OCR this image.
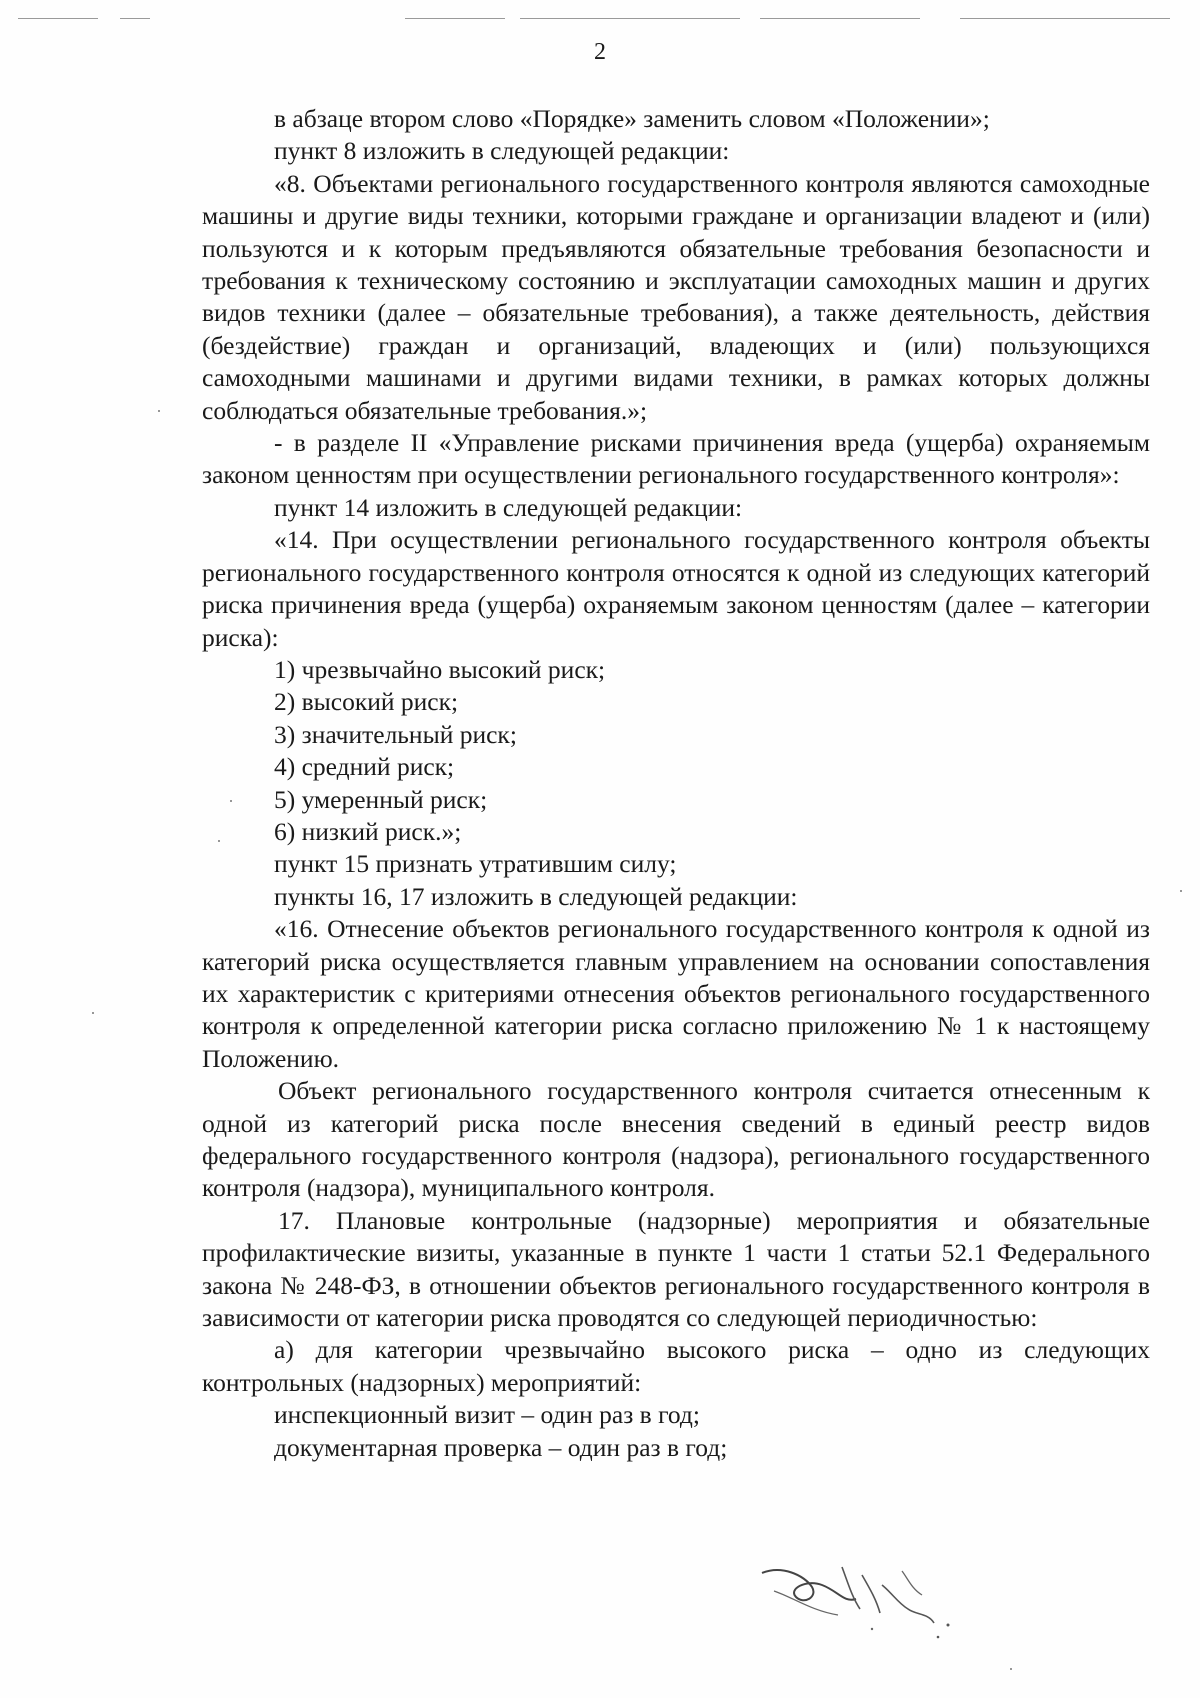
2

в абзаце втором слово «Порядке» заменить словом «Положении»;

пункт 8 изложить в следующей редакции:

«8. Объектами регионального государственного контроля являются самоходные машины и другие виды техники, которыми граждане и организации владеют и (или) пользуются и к которым предъявляются обязательные требования безопасности и требования к техническому состоянию и эксплуатации самоходных машин и других видов техники (далее – обязательные требования), а также деятельность, действия (бездействие) граждан и организаций, владеющих и (или) пользующихся самоходными машинами и другими видами техники, в рамках которых должны соблюдаться обязательные требования.»;

- в разделе II «Управление рисками причинения вреда (ущерба) охраняемым законом ценностям при осуществлении регионального государственного контроля»:

пункт 14 изложить в следующей редакции:

«14. При осуществлении регионального государственного контроля объекты регионального государственного контроля относятся к одной из следующих категорий риска причинения вреда (ущерба) охраняемым законом ценностям (далее – категории риска):

1) чрезвычайно высокий риск;

2) высокий риск;

3) значительный риск;

4) средний риск;

5) умеренный риск;

6) низкий риск.»;

пункт 15 признать утратившим силу;

пункты 16, 17 изложить в следующей редакции:

«16. Отнесение объектов регионального государственного контроля к одной из категорий риска осуществляется главным управлением на основании сопоставления их характеристик с критериями отнесения объектов регионального государственного контроля к определенной категории риска согласно приложению № 1 к настоящему Положению.

Объект регионального государственного контроля считается отнесенным к одной из категорий риска после внесения сведений в единый реестр видов федерального государственного контроля (надзора), регионального государственного контроля (надзора), муниципального контроля.

17. Плановые контрольные (надзорные) мероприятия и обязательные профилактические визиты, указанные в пункте 1 части 1 статьи 52.1 Федерального закона № 248-ФЗ, в отношении объектов регионального государственного контроля в зависимости от категории риска проводятся со следующей периодичностью:

а) для категории чрезвычайно высокого риска – одно из следующих контрольных (надзорных) мероприятий:

инспекционный визит – один раз в год;

документарная проверка – один раз в год;
